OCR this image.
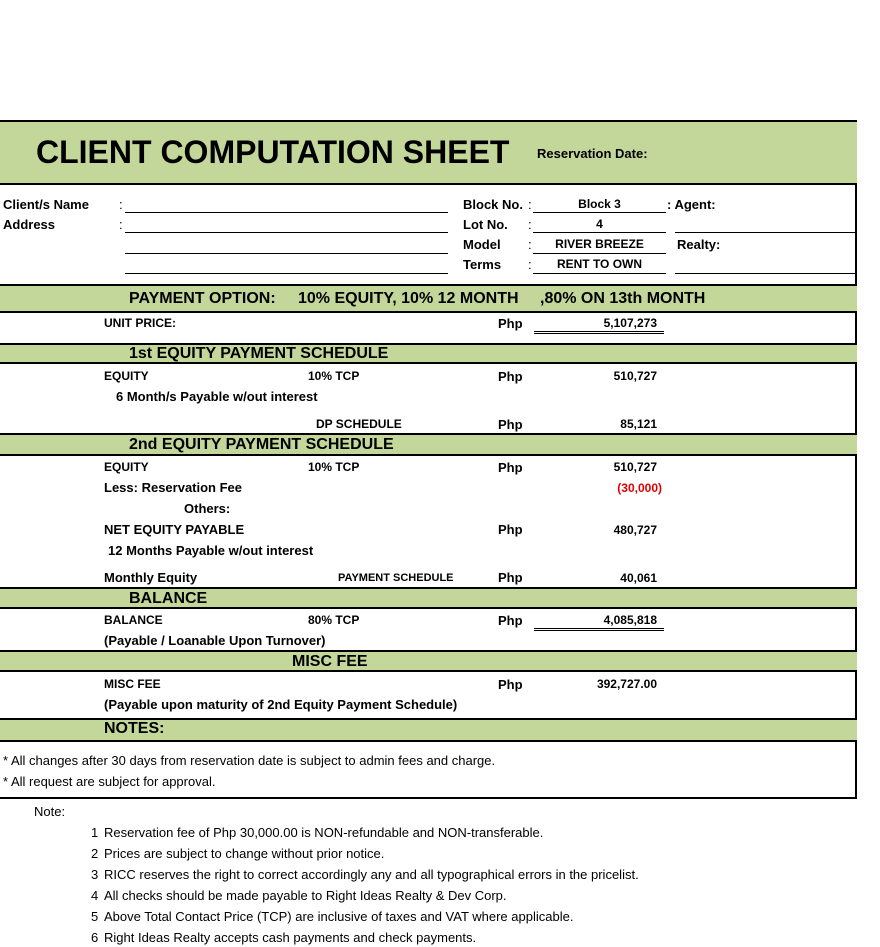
CLIENT COMPUTATION SHEET Reservation Date:
Client/s Name :
Address	:
Block No. :	Block 3	: Agent:
Lot No. :	4
Model :	RIVER BREEZE	Realty:
Terms :	RENT TO OWN
PAYMENT OPTION: 10% EQUITY, 10% 12 MONTH	,80% ON 13th MONTH
UNIT PRICE:	Php	5,107,273
1st EQUITY PAYMENT SCHEDULE
EQUITY	10% TCP	Php	510,727
6 Month/s Payable w/out interest
DP SCHEDULE	Php	85,121
2nd EQUITY PAYMENT SCHEDULE
EQUITY	10% TCP	Php	510,727
Less: Reservation Fee	(30,000)
Others:
NET EQUITY PAYABLE	Php	480,727
12 Months Payable w/out interest
Monthly Equity	PAYMENT SCHEDULE	Php	40,061
BALANCE
BALANCE	80% TCP	Php	4,085,818
(Payable / Loanable Upon Turnover)
MISC FEE
MISC FEE	Php	392,727.00
(Payable upon maturity of 2nd Equity Payment Schedule)
NOTES:
* All changes after 30 days from reservation date is subject to admin fees and charge.
* All request are subject for approval.
Note:
1 Reservation fee of Php 30,000.00 is NON-refundable and NON-transferable.
2 Prices are subject to change without prior notice.
3 RICC reserves the right to correct accordingly any and all typographical errors in the pricelist.
4 All checks should be made payable to Right Ideas Realty & Dev Corp.
5 Above Total Contact Price (TCP) are inclusive of taxes and VAT where applicable.
6 Right Ideas Realty accepts cash payments and check payments.
